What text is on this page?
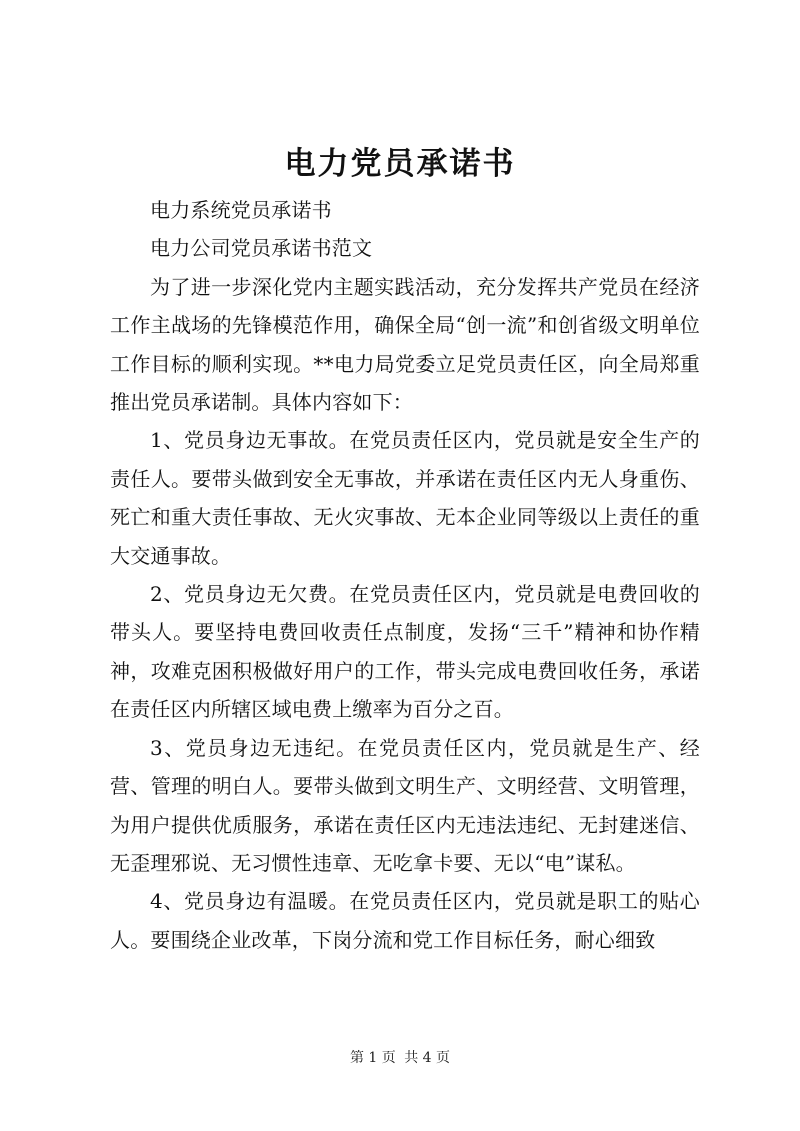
电力党员承诺书

电力系统党员承诺书

电力公司党员承诺书范文

为了进一步深化党内主题实践活动，充分发挥共产党员在经济工作主战场的先锋模范作用，确保全局“创一流”和创省级文明单位工作目标的顺利实现。**电力局党委立足党员责任区，向全局郑重推出党员承诺制。具体内容如下：

1、党员身边无事故。在党员责任区内，党员就是安全生产的责任人。要带头做到安全无事故，并承诺在责任区内无人身重伤、死亡和重大责任事故、无火灾事故、无本企业同等级以上责任的重大交通事故。

2、党员身边无欠费。在党员责任区内，党员就是电费回收的带头人。要坚持电费回收责任点制度，发扬“三千”精神和协作精神，攻难克困积极做好用户的工作，带头完成电费回收任务，承诺在责任区内所辖区域电费上缴率为百分之百。

3、党员身边无违纪。在党员责任区内，党员就是生产、经营、管理的明白人。要带头做到文明生产、文明经营、文明管理，为用户提供优质服务，承诺在责任区内无违法违纪、无封建迷信、无歪理邪说、无习惯性违章、无吃拿卡要、无以“电”谋私。

4、党员身边有温暖。在党员责任区内，党员就是职工的贴心人。要围绕企业改革，下岗分流和党工作目标任务，耐心细致

第 1 页 共 4 页
